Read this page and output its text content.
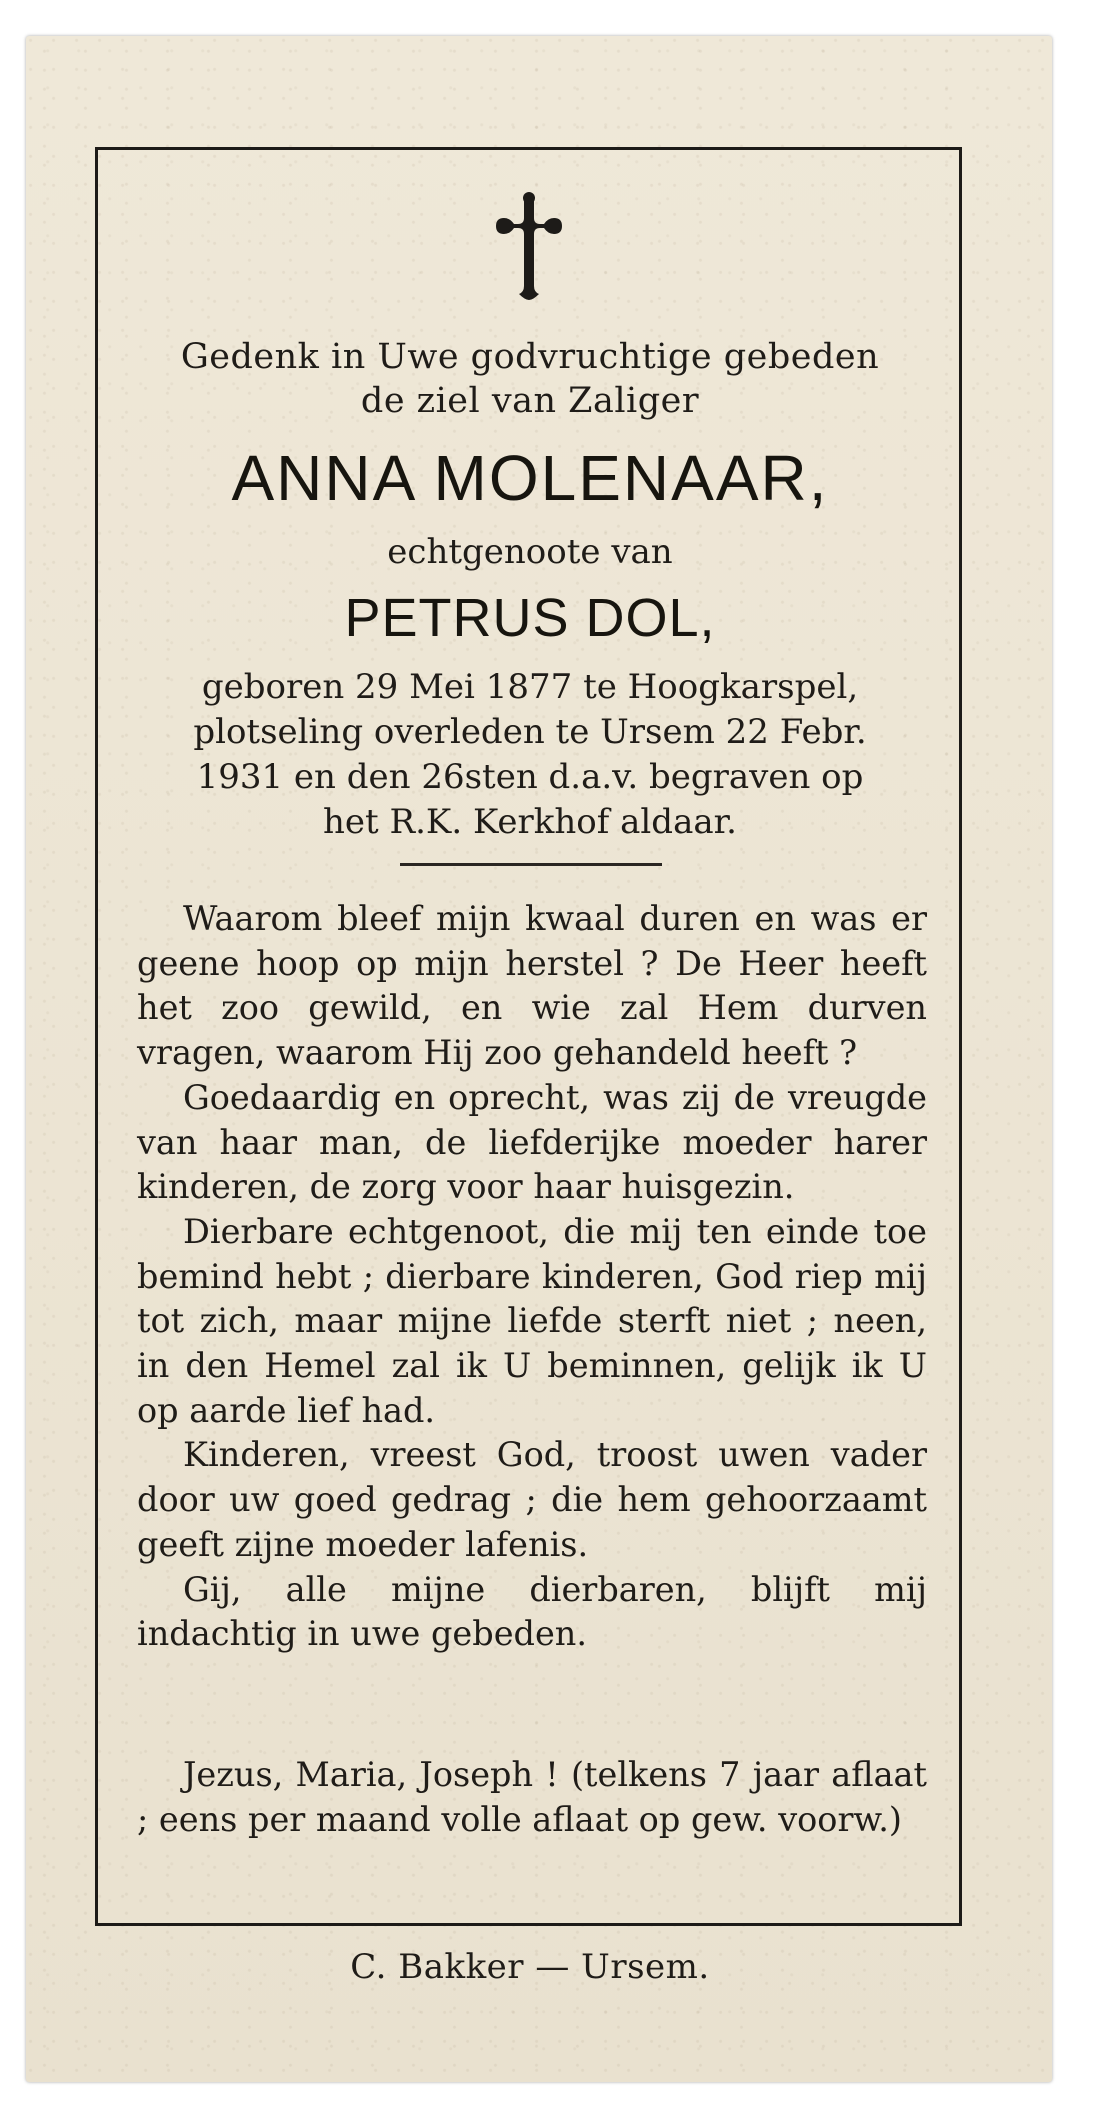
Gedenk in Uwe godvruchtige gebeden
de ziel van Zaliger
ANNA MOLENAAR,
echtgenoote van
PETRUS DOL,
geboren 29 Mei 1877 te Hoogkarspel,
plotseling overleden te Ursem 22 Febr.
1931 en den 26sten d.a.v. begraven op
het R.K. Kerkhof aldaar.

Waarom bleef mijn kwaal duren en was er geene hoop op mijn herstel ? De Heer heeft het zoo gewild, en wie zal Hem durven vragen, waarom Hij zoo gehandeld heeft ?

Goedaardig en oprecht, was zij de vreugde van haar man, de liefderijke moeder harer kinderen, de zorg voor haar huisgezin.

Dierbare echtgenoot, die mij ten einde toe bemind hebt ; dierbare kinderen, God riep mij tot zich, maar mijne liefde sterft niet ; neen, in den Hemel zal ik U beminnen, gelijk ik U op aarde lief had.

Kinderen, vreest God, troost uwen vader door uw goed gedrag ; die hem gehoorzaamt geeft zijne moeder lafenis.

Gij, alle mijne dierbaren, blijft mij indachtig in uwe gebeden.

Jezus, Maria, Joseph ! (telkens 7 jaar aflaat ; eens per maand volle aflaat op gew. voorw.)

C. Bakker — Ursem.
